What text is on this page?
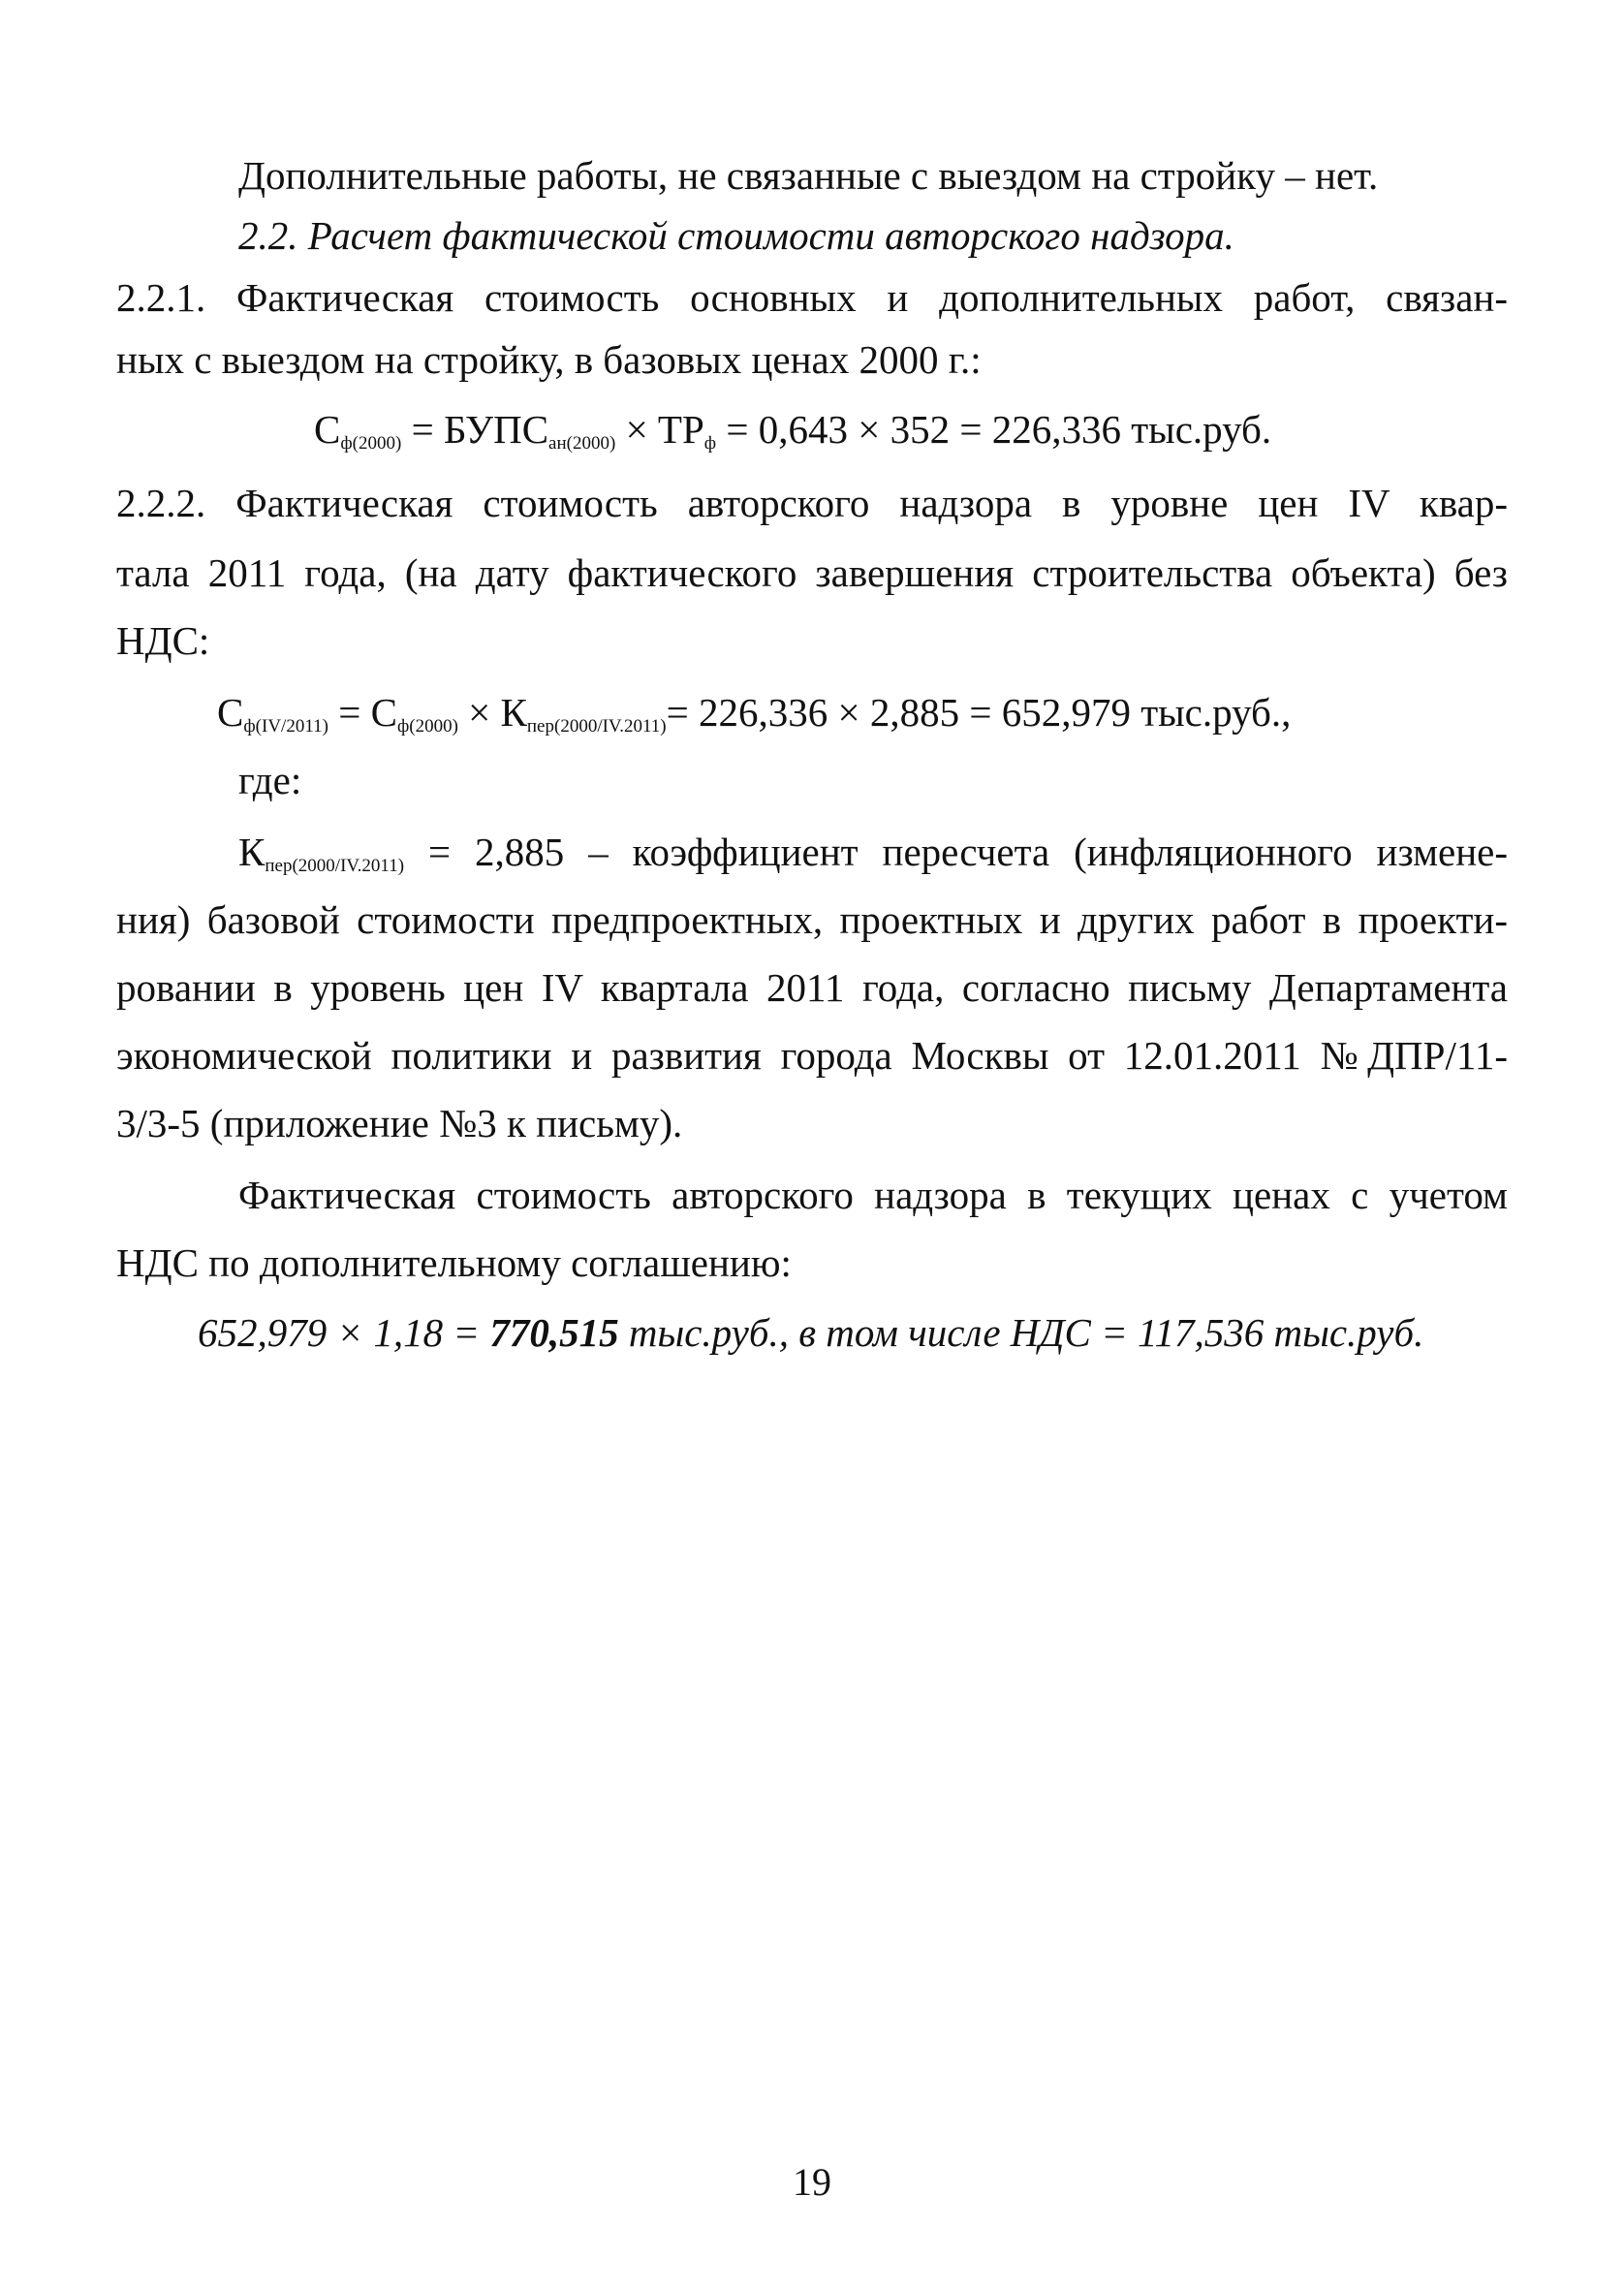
Дополнительные работы, не связанные с выездом на стройку – нет.
2.2. Расчет фактической стоимости авторского надзора.
2.2.1. Фактическая стоимость основных и дополнительных работ, связан-
ных с выездом на стройку, в базовых ценах 2000 г.:
$С_{ф(2000)}$ = $БУПС_{ан(2000)} \times ТР_ф = 0,643 \times 352 = 226,336$ тыс.руб.
2.2.2. Фактическая стоимость авторского надзора в уровне цен IV квар-
тала 2011 года, (на дату фактического завершения строительства объекта) без
НДС:
$С_{ф(IV/2011)} = С_{ф(2000)} \times К_{пер(2000/IV.2011)}= 226,336 \times 2,885 = 652,979$ тыс.руб.,
где:
$К_{пер(2000/IV.2011)} = 2,885$ – коэффициент пересчета (инфляционного измене-
ния) базовой стоимости предпроектных, проектных и других работ в проекти-
ровании в уровень цен IV квартала 2011 года, согласно письму Департамента
экономической политики и развития города Москвы от 12.01.2011 №ДПР/11-
3/3-5 (приложение №3 к письму).
Фактическая стоимость авторского надзора в текущих ценах с учетом
НДС по дополнительному соглашению:
652,979 × 1,18 = 770,515 тыс.руб., в том числе НДС = 117,536 тыс.руб.
19
